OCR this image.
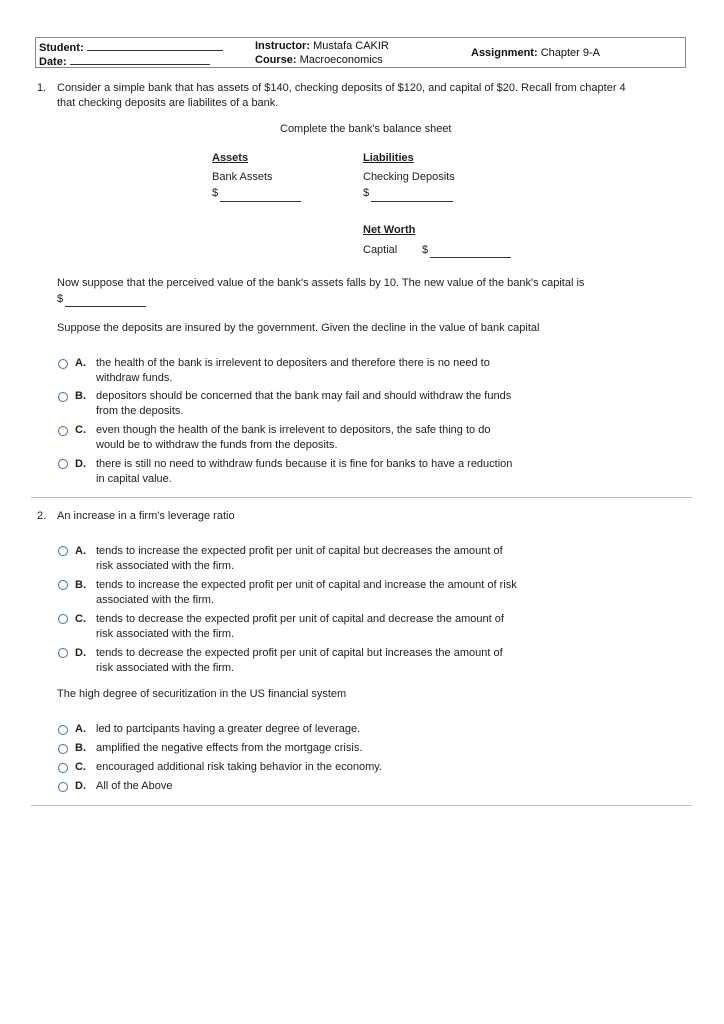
Student:
Date:
Instructor: Mustafa CAKIR
Course: Macroeconomics
Assignment: Chapter 9-A
1. Consider a simple bank that has assets of $140, checking deposits of $120, and capital of $20. Recall from chapter 4
that checking deposits are liabilites of a bank.
Complete the bank's balance sheet
Assets
Bank Assets
$
Liabilities
Checking Deposits
$
Net Worth
Captial $
Now suppose that the perceived value of the bank's assets falls by 10. The new value of the bank's capital is
$
Suppose the deposits are insured by the government. Given the decline in the value of bank capital
A. the health of the bank is irrelevent to depositers and therefore there is no need to
withdraw funds.
B. depositors should be concerned that the bank may fail and should withdraw the funds
from the deposits.
C. even though the health of the bank is irrelevent to depositors, the safe thing to do
would be to withdraw the funds from the deposits.
D. there is still no need to withdraw funds because it is fine for banks to have a reduction
in capital value.
2. An increase in a firm's leverage ratio
A. tends to increase the expected profit per unit of capital but decreases the amount of
risk associated with the firm.
B. tends to increase the expected profit per unit of capital and increase the amount of risk
associated with the firm.
C. tends to decrease the expected profit per unit of capital and decrease the amount of
risk associated with the firm.
D. tends to decrease the expected profit per unit of capital but increases the amount of
risk associated with the firm.
The high degree of securitization in the US financial system
A. led to partcipants having a greater degree of leverage.
B. amplified the negative effects from the mortgage crisis.
C. encouraged additional risk taking behavior in the economy.
D. All of the Above
